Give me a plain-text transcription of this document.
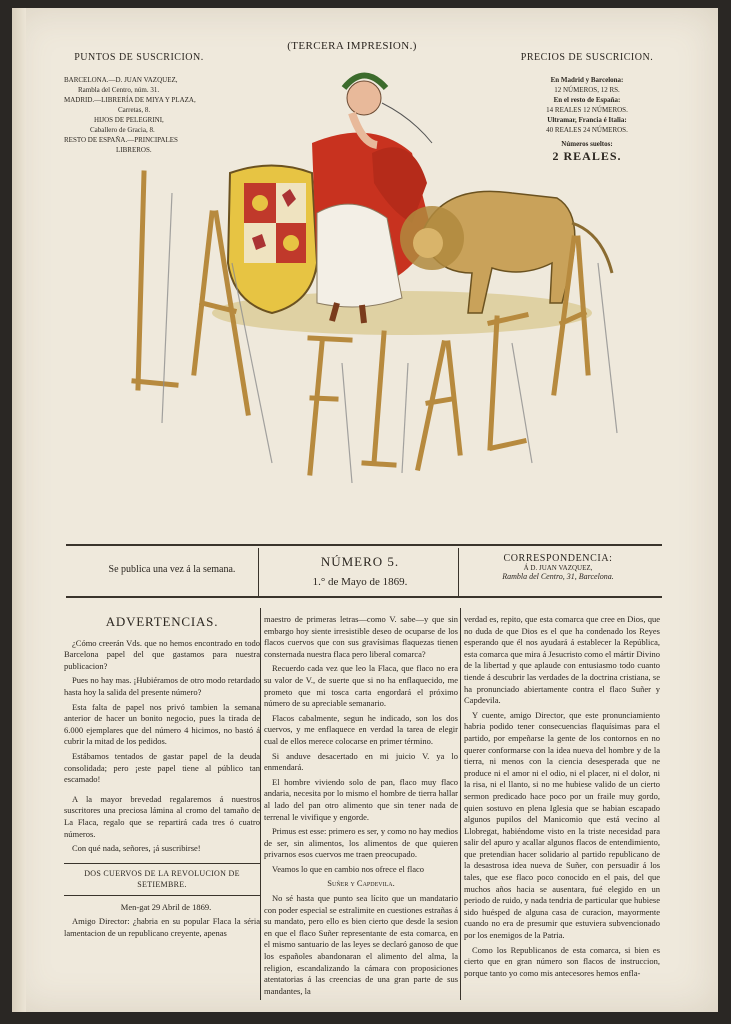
PUNTOS DE SUSCRICION.
BARCELONA.—D. JUAN VAZQUEZ,
Rambla del Centro, núm. 31.
MADRID.—LIBRERÍA DE MIYA Y PLAZA,
Carretas, 8.
HIJOS DE PELEGRINI,
Caballero de Gracia, 8.
RESTO DE ESPAÑA.—PRINCIPALES
LIBREROS.
(TERCERA IMPRESION.)
PRECIOS DE SUSCRICION.
En Madrid y Barcelona:
12 NÚMEROS, 12 RS.
En el resto de España:
14 REALES 12 NÚMEROS.
Ultramar, Francia é Italia:
40 REALES 24 NÚMEROS.
Números sueltos:
2 REALES.
Se publica una vez á la semana.
NÚMERO 5.
1.° de Mayo de 1869.
CORRESPONDENCIA:
Á D. JUAN VAZQUEZ,
Rambla del Centro, 31, Barcelona.
ADVERTENCIAS.

¿Cómo creerán Vds. que no hemos encontrado en todo Barcelona papel del que gastamos para nuestra publicacion?

Pues no hay mas. ¡Hubiéramos de otro modo retardado hasta hoy la salida del presente número?

Esta falta de papel nos privó tambien la semana anterior de hacer un bonito negocio, pues la tirada de 6.000 ejemplares que del número 4 hicimos, no bastó á cubrir la mitad de los pedidos.

Estábamos tentados de gastar papel de la deuda consolidada; pero ¡este papel tiene al público tan escamado!

A la mayor brevedad regalaremos á nuestros suscritores una preciosa lámina al cromo del tamaño de La Flaca, regalo que se repartirá cada tres ó cuatro números.

Con qué nada, señores, ¡á suscribirse!

DOS CUERVOS DE LA REVOLUCION DE SETIEMBRE.

Men-gat 29 Abril de 1869.

Amigo Director: ¿habria en su popular Flaca la séria lamentacion de un republicano creyente, apenas

maestro de primeras letras—como V. sabe—y que sin embargo hoy siente irresistible deseo de ocuparse de los flacos cuervos que con sus gravísimas flaquezas tienen consternada nuestra flaca pero liberal comarca?

Recuerdo cada vez que leo la Flaca, que flaco no era su valor de V., de suerte que si no ha enflaquecido, me prometo que mi tosca carta engordará el próximo número de su apreciable semanario.

Flacos cabalmente, segun he indicado, son los dos cuervos, y me enflaquece en verdad la tarea de elegir cual de ellos merece colocarse en primer término.

Si anduve desacertado en mi juicio V. ya lo enmendará.

El hombre viviendo solo de pan, flaco muy flaco andaria, necesita por lo mismo el hombre de tierra hallar al lado del pan otro alimento que sin tener nada de terrenal le vivifique y engorde.

Primus est esse: primero es ser, y como no hay medios de ser, sin alimentos, los alimentos de que quieren privarnos esos cuervos me traen preocupado.

Veamos lo que en cambio nos ofrece el flaco

Suñer y Capdevila.

No sé hasta que punto sea lícito que un mandatario con poder especial se estralimite en cuestiones estrañas á su mandato, pero ello es bien cierto que desde la sesion en que el flaco Suñer representante de esta comarca, en el mismo santuario de las leyes se declaró ganoso de que los españoles abandonaran el alimento del alma, la religion, escandalizando la cámara con proposiciones atentatorias á las creencias de una gran parte de sus mandantes, la

verdad es, repito, que esta comarca que cree en Dios, que no duda de que Dios es el que ha condenado los Reyes esperando que él nos ayudará á establecer la República, esta comarca que mira á Jesucristo como el mártir Divino de la libertad y que aplaude con entusiasmo todo cuanto tiende á descubrir las verdades de la doctrina cristiana, se ha pronunciado abiertamente contra el flaco Suñer y Capdevila.

Y cuente, amigo Director, que este pronunciamiento habria podido tener consecuencias flaquísimas para el partido, por empeñarse la gente de los contornos en no querer conformarse con la idea nueva del hombre y de la tierra, ni menos con la ciencia desesperada que ne produce ni el amor ni el odio, ni el placer, ni el dolor, ni la risa, ni el llanto, si no me hubiese valido de un cierto sermon predicado hace poco por un fraile muy gordo, quien sostuvo en plena Iglesia que se habian escapado algunos pupilos del Manicomio que está vecino al Llobregat, habiéndome visto en la triste necesidad para salir del apuro y acallar algunos flacos de entendimiento, que pretendian hacer solidario al partido republicano de la desastrosa idea nueva de Suñer, con persuadir á los tales, que ese flaco poco conocido en el pais, del que muchos años hacia se ausentara, fué elegido en un periodo de ruido, y nada tendria de particular que hubiese sido huésped de alguna casa de curacion, mayormente cuando no era de presumir que estuviera subvencionado por los enemigos de la Patria.

Como los Republicanos de esta comarca, si bien es cierto que en gran número son flacos de instruccion, porque tanto yo como mis antecesores hemos enfla-
